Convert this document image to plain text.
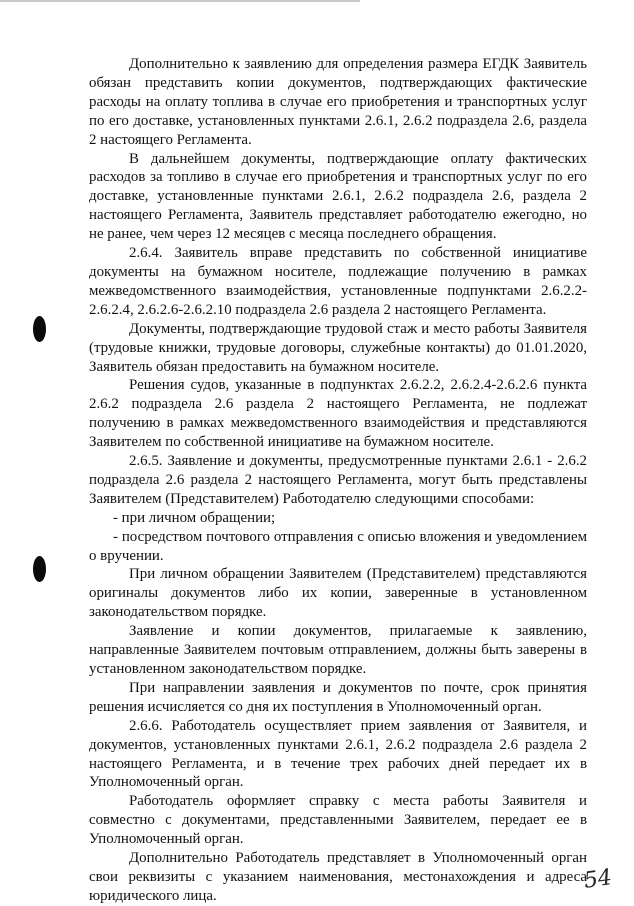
Дополнительно к заявлению для определения размера ЕГДК Заявитель обязан представить копии документов, подтверждающих фактические расходы на оплату топлива в случае его приобретения и транспортных услуг по его доставке, установленных пунктами 2.6.1, 2.6.2 подраздела 2.6, раздела 2 настоящего Регламента.

В дальнейшем документы, подтверждающие оплату фактических расходов за топливо в случае его приобретения и транспортных услуг по его доставке, установленные пунктами 2.6.1, 2.6.2 подраздела 2.6, раздела 2 настоящего Регламента, Заявитель представляет работодателю ежегодно, но не ранее, чем через 12 месяцев с месяца последнего обращения.

2.6.4. Заявитель вправе представить по собственной инициативе документы на бумажном носителе, подлежащие получению в рамках межведомственного взаимодействия, установленные подпунктами 2.6.2.2-2.6.2.4, 2.6.2.6-2.6.2.10 подраздела 2.6 раздела 2 настоящего Регламента.

Документы, подтверждающие трудовой стаж и место работы Заявителя (трудовые книжки, трудовые договоры, служебные контакты) до 01.01.2020, Заявитель обязан предоставить на бумажном носителе.

Решения судов, указанные в подпунктах 2.6.2.2, 2.6.2.4-2.6.2.6 пункта 2.6.2 подраздела 2.6 раздела 2 настоящего Регламента, не подлежат получению в рамках межведомственного взаимодействия и представляются Заявителем по собственной инициативе на бумажном носителе.

2.6.5. Заявление и документы, предусмотренные пунктами 2.6.1 - 2.6.2 подраздела 2.6 раздела 2 настоящего Регламента, могут быть представлены Заявителем (Представителем) Работодателю следующими способами:

- при личном обращении;

- посредством почтового отправления с описью вложения и уведомлением о вручении.

При личном обращении Заявителем (Представителем) представляются оригиналы документов либо их копии, заверенные в установленном законодательством порядке.

Заявление и копии документов, прилагаемые к заявлению, направленные Заявителем почтовым отправлением, должны быть заверены в установленном законодательством порядке.

При направлении заявления и документов по почте, срок принятия решения исчисляется со дня их поступления в Уполномоченный орган.

2.6.6. Работодатель осуществляет прием заявления от Заявителя, и документов, установленных пунктами 2.6.1, 2.6.2 подраздела 2.6 раздела 2 настоящего Регламента, и в течение трех рабочих дней передает их в Уполномоченный орган.

Работодатель оформляет справку с места работы Заявителя и совместно с документами, представленными Заявителем, передает ее в Уполномоченный орган.

Дополнительно Работодатель представляет в Уполномоченный орган свои реквизиты с указанием наименования, местонахождения и адреса юридического лица.

54
